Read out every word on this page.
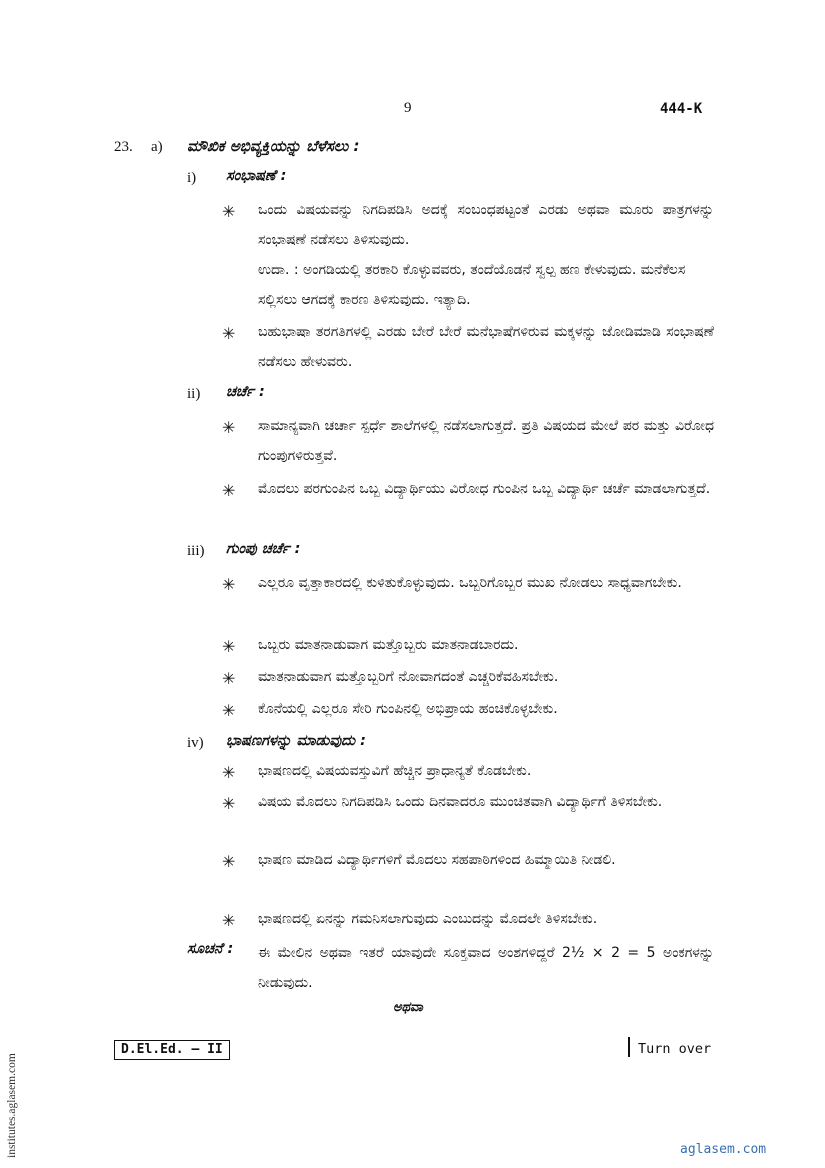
9	444-K
23. a) ಮೌಖಿಕ ಅಭಿವ್ಯಕ್ತಿಯನ್ನು ಬೆಳೆಸಲು :
i) ಸಂಭಾಷಣೆ :
✳ ಒಂದು ವಿಷಯವನ್ನು ನಿಗದಿಪಡಿಸಿ ಅದಕ್ಕೆ ಸಂಬಂಧಪಟ್ಟಂತೆ ಎರಡು ಅಥವಾ ಮೂರು ಪಾತ್ರಗಳನ್ನು ಸಂಭಾಷಣೆ ನಡೆಸಲು ತಿಳಿಸುವುದು.
ಉದಾ. : ಅಂಗಡಿಯಲ್ಲಿ ತರಕಾರಿ ಕೊಳ್ಳುವವರು, ತಂದೆಯೊಡನೆ ಸ್ವಲ್ಪ ಹಣ ಕೇಳುವುದು. ಮನೆಕೆಲಸ ಸಲ್ಲಿಸಲು ಆಗದಕ್ಕೆ ಕಾರಣ ತಿಳಿಸುವುದು. ಇತ್ಯಾದಿ.
✳ ಬಹುಭಾಷಾ ತರಗತಿಗಳಲ್ಲಿ ಎರಡು ಬೇರೆ ಬೇರೆ ಮನೆಭಾಷೆಗಳಿರುವ ಮಕ್ಕಳನ್ನು ಜೋಡಿಮಾಡಿ ಸಂಭಾಷಣೆ ನಡೆಸಲು ಹೇಳುವರು.
ii) ಚರ್ಚೆ :
✳ ಸಾಮಾನ್ಯವಾಗಿ ಚರ್ಚಾ ಸ್ಪರ್ಧೆ ಶಾಲೆಗಳಲ್ಲಿ ನಡೆಸಲಾಗುತ್ತದೆ. ಪ್ರತಿ ವಿಷಯದ ಮೇಲೆ ಪರ ಮತ್ತು ವಿರೋಧ ಗುಂಪುಗಳಿರುತ್ತವೆ.
✳ ಮೊದಲು ಪರಗುಂಪಿನ ಒಬ್ಬ ವಿದ್ಯಾರ್ಥಿಯು ವಿರೋಧ ಗುಂಪಿನ ಒಬ್ಬ ವಿದ್ಯಾರ್ಥಿ ಚರ್ಚೆ ಮಾಡಲಾಗುತ್ತದೆ.
iii) ಗುಂಪು ಚರ್ಚೆ :
✳ ಎಲ್ಲರೂ ವೃತ್ತಾಕಾರದಲ್ಲಿ ಕುಳಿತುಕೊಳ್ಳುವುದು. ಒಬ್ಬರಿಗೊಬ್ಬರ ಮುಖ ನೋಡಲು ಸಾಧ್ಯವಾಗಬೇಕು.
✳ ಒಬ್ಬರು ಮಾತನಾಡುವಾಗ ಮತ್ತೊಬ್ಬರು ಮಾತನಾಡಬಾರದು.
✳ ಮಾತನಾಡುವಾಗ ಮತ್ತೊಬ್ಬರಿಗೆ ನೋವಾಗದಂತೆ ಎಚ್ಚರಿಕೆವಹಿಸಬೇಕು.
✳ ಕೊನೆಯಲ್ಲಿ ಎಲ್ಲರೂ ಸೇರಿ ಗುಂಪಿನಲ್ಲಿ ಅಭಿಪ್ರಾಯ ಹಂಚಿಕೊಳ್ಳಬೇಕು.
iv) ಭಾಷಣಗಳನ್ನು ಮಾಡುವುದು :
✳ ಭಾಷಣದಲ್ಲಿ ವಿಷಯವಸ್ತುವಿಗೆ ಹೆಚ್ಚಿನ ಪ್ರಾಧಾನ್ಯತೆ ಕೊಡಬೇಕು.
✳ ವಿಷಯ ಮೊದಲು ನಿಗದಿಪಡಿಸಿ ಒಂದು ದಿನವಾದರೂ ಮುಂಚಿತವಾಗಿ ವಿದ್ಯಾರ್ಥಿಗೆ ತಿಳಿಸಬೇಕು.
✳ ಭಾಷಣ ಮಾಡಿದ ವಿದ್ಯಾರ್ಥಿಗಳಿಗೆ ಮೊದಲು ಸಹಪಾಠಿಗಳಿಂದ ಹಿಮ್ಮಾಯಿತಿ ನೀಡಲಿ.
✳ ಭಾಷಣದಲ್ಲಿ ಏನನ್ನು ಗಮನಿಸಲಾಗುವುದು ಎಂಬುದನ್ನು ಮೊದಲೇ ತಿಳಿಸಬೇಕು.
ಸೂಚನೆ : ಈ ಮೇಲಿನ ಅಥವಾ ಇತರೆ ಯಾವುದೇ ಸೂಕ್ತವಾದ ಅಂಶಗಳಿದ್ದರೆ 2½ × 2 = 5 ಅಂಕಗಳನ್ನು ನೀಡುವುದು.
ಅಥವಾ
D.El.Ed. – II	Turn over
institutes.aglasem.com	aglasem.com
